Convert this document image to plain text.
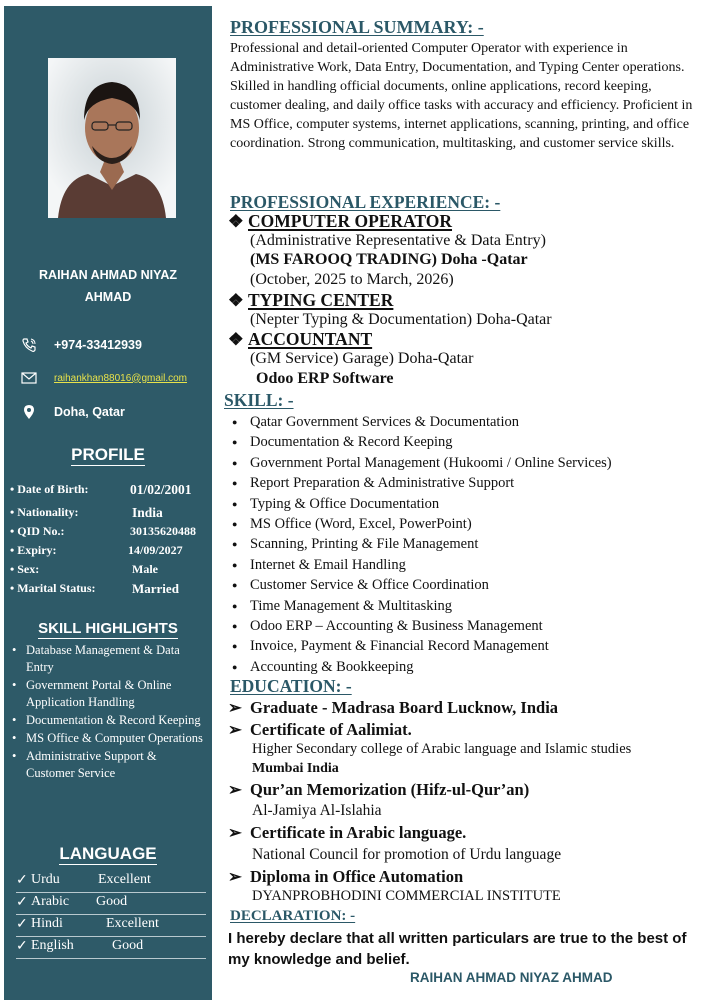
RAIHAN AHMAD NIYAZ
AHMAD
+974-33412939
raihankhan88016@gmail.com
Doha, Qatar
PROFILE
• Date of Birth:	01/02/2001
• Nationality:	India
• QID No.:	30135620488
• Expiry:	14/09/2027
• Sex:	Male
• Marital Status:	Married
SKILL HIGHLIGHTS
• Database Management & Data Entry
• Government Portal & Online Application Handling
• Documentation & Record Keeping
• MS Office & Computer Operations
• Administrative Support & Customer Service
LANGUAGE
✓ Urdu	Excellent
✓ Arabic Good
✓ Hindi	Excellent
✓ English	Good
PROFESSIONAL SUMMARY: -
Professional and detail-oriented Computer Operator with experience in Administrative Work, Data Entry, Documentation, and Typing Center operations. Skilled in handling official documents, online applications, record keeping, customer dealing, and daily office tasks with accuracy and efficiency. Proficient in MS Office, computer systems, internet applications, scanning, printing, and office coordination. Strong communication, multitasking, and customer service skills.
PROFESSIONAL EXPERIENCE: -
❖ COMPUTER OPERATOR
(Administrative Representative & Data Entry)
(MS FAROOQ TRADING) Doha -Qatar
(October, 2025 to March, 2026)
❖ TYPING CENTER
(Nepter Typing & Documentation) Doha-Qatar
❖ ACCOUNTANT
(GM Service) Garage) Doha-Qatar
Odoo ERP Software
SKILL: -
● Qatar Government Services & Documentation
● Documentation & Record Keeping
● Government Portal Management (Hukoomi / Online Services)
● Report Preparation & Administrative Support
● Typing & Office Documentation
● MS Office (Word, Excel, PowerPoint)
● Scanning, Printing & File Management
● Internet & Email Handling
● Customer Service & Office Coordination
● Time Management & Multitasking
● Odoo ERP – Accounting & Business Management
● Invoice, Payment & Financial Record Management
● Accounting & Bookkeeping
EDUCATION: -
➢ Graduate - Madrasa Board Lucknow, India
➢ Certificate of Aalimiat.
Higher Secondary college of Arabic language and Islamic studies
Mumbai India
➢ Qur’an Memorization (Hifz-ul-Qur’an)
Al-Jamiya Al-Islahia
➢ Certificate in Arabic language.
National Council for promotion of Urdu language
➢ Diploma in Office Automation
DYANPROBHODINI COMMERCIAL INSTITUTE
DECLARATION: -
I hereby declare that all written particulars are true to the best of my knowledge and belief.
RAIHAN AHMAD NIYAZ AHMAD
